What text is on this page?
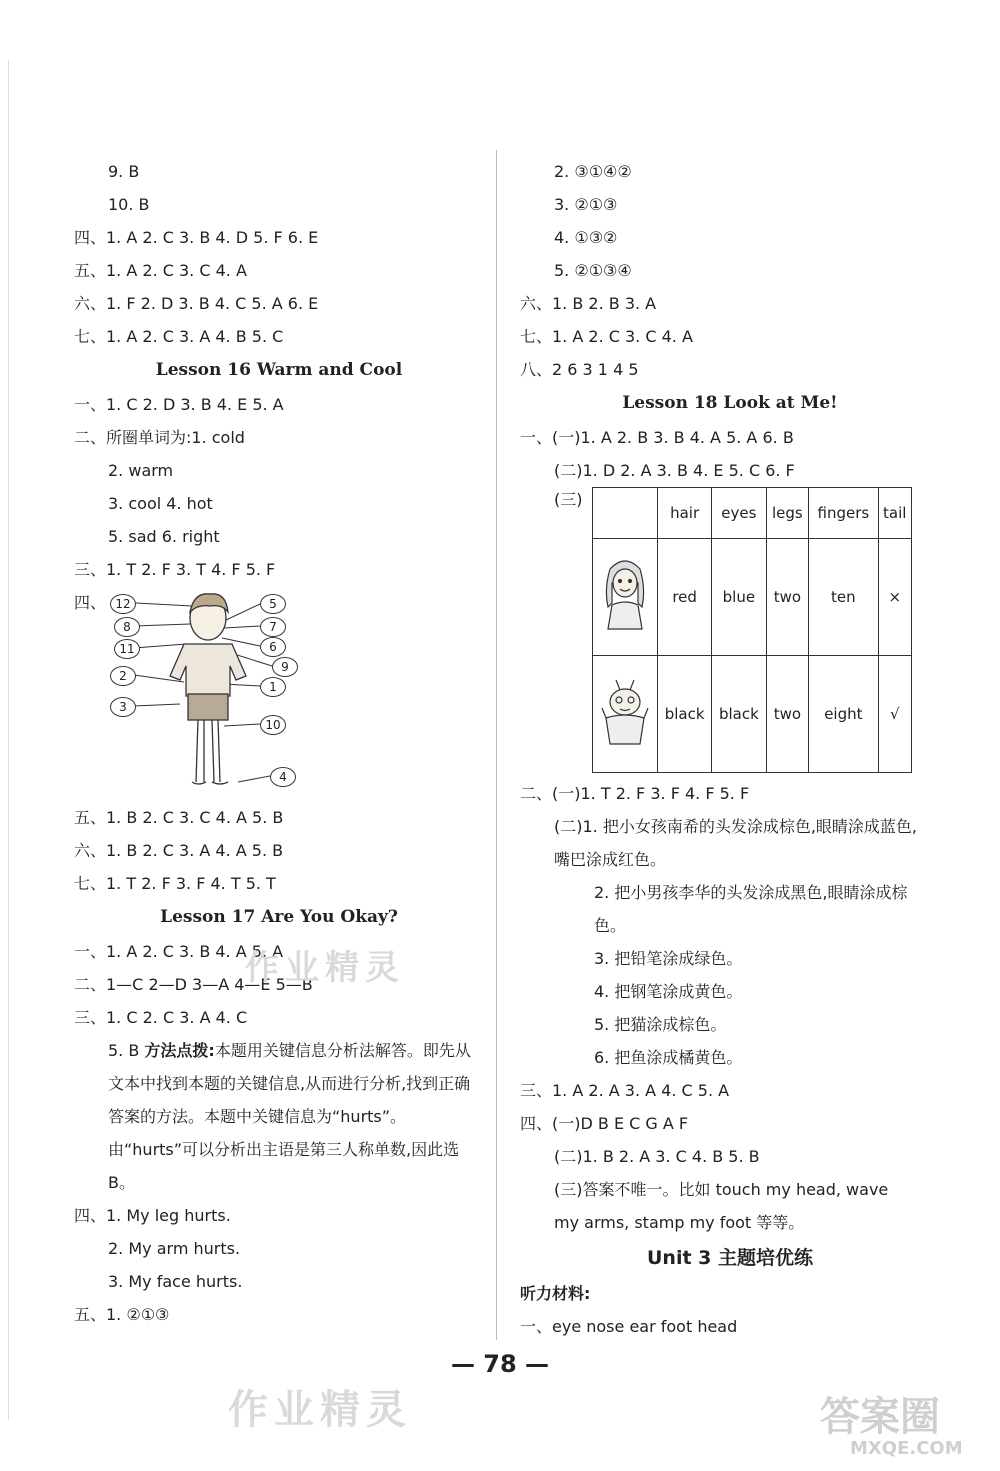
9. B
10. B
四、1. A 2. C 3. B 4. D 5. F 6. E
五、1. A 2. C 3. C 4. A
六、1. F 2. D 3. B 4. C 5. A 6. E
七、1. A 2. C 3. A 4. B 5. C
Lesson 16 Warm and Cool
一、1. C 2. D 3. B 4. E 5. A
二、所圈单词为:1. cold
2. warm
3. cool 4. hot
5. sad 6. right
三、1. T 2. F 3. T 4. F 5. F
四、 12
8
11
2
3
5
7
6
9
1
10
4
五、1. B 2. C 3. C 4. A 5. B
六、1. B 2. C 3. A 4. A 5. B
七、1. T 2. F 3. F 4. T 5. T
Lesson 17 Are You Okay?
一、1. A 2. C 3. B 4. A 5. A
二、1—C 2—D 3—A 4—E 5—B
三、1. C 2. C 3. A 4. C
5. B 方法点拨:本题用关键信息分析法解答。即先从文本中找到本题的关键信息,从而进行分析,找到正确答案的方法。本题中关键信息为“hurts”。由“hurts”可以分析出主语是第三人称单数,因此选B。
四、1. My leg hurts.
2. My arm hurts.
3. My face hurts.
五、1. ②①③
2. ③①④②
3. ②①③
4. ①③②
5. ②①③④
六、1. B 2. B 3. A
七、1. A 2. C 3. C 4. A
八、2 6 3 1 4 5
Lesson 18 Look at Me!
一、(一)1. A 2. B 3. B 4. A 5. A 6. B
(二)1. D 2. A 3. B 4. E 5. C 6. F
(三)
	hair	eyes	legs	fingers	tail
	red	blue	two	ten	×
	black	black	two	eight	√
二、(一)1. T 2. F 3. F 4. F 5. F
(二)1. 把小女孩南希的头发涂成棕色,眼睛涂成蓝色,嘴巴涂成红色。
2. 把小男孩李华的头发涂成黑色,眼睛涂成棕色。
3. 把铅笔涂成绿色。
4. 把钢笔涂成黄色。
5. 把猫涂成棕色。
6. 把鱼涂成橘黄色。
三、1. A 2. A 3. A 4. C 5. A
四、(一)D B E C G A F
(二)1. B 2. A 3. C 4. B 5. B
(三)答案不唯一。比如 touch my head, wave my arms, stamp my foot 等等。
Unit 3 主题培优练
听力材料:
一、eye nose ear foot head
— 78 —
作业精灵
作业精灵
答案圈
MXQE.COM
